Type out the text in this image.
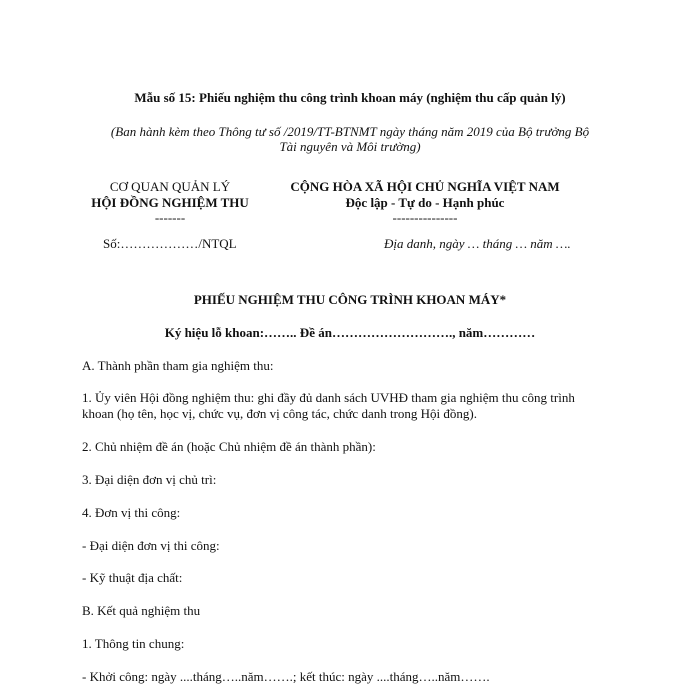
Mẫu số 15: Phiếu nghiệm thu công trình khoan máy (nghiệm thu cấp quản lý)
(Ban hành kèm theo Thông tư số /2019/TT-BTNMT ngày tháng năm 2019 của Bộ trưởng Bộ
Tài nguyên và Môi trường)
CƠ QUAN QUẢN LÝ
HỘI ĐỒNG NGHIỆM THU
-------
CỘNG HÒA XÃ HỘI CHỦ NGHĨA VIỆT NAM
Độc lập - Tự do - Hạnh phúc
---------------
Số:………………/NTQL	Địa danh, ngày … tháng … năm ….
PHIẾU NGHIỆM THU CÔNG TRÌNH KHOAN MÁY*
Ký hiệu lỗ khoan:…….. Đề án………………………., năm…………
A. Thành phần tham gia nghiệm thu:
1. Ủy viên Hội đồng nghiệm thu: ghi đầy đủ danh sách UVHĐ tham gia nghiệm thu công trình
khoan (họ tên, học vị, chức vụ, đơn vị công tác, chức danh trong Hội đồng).
2. Chủ nhiệm đề án (hoặc Chủ nhiệm đề án thành phần):
3. Đại diện đơn vị chủ trì:
4. Đơn vị thi công:
- Đại diện đơn vị thi công:
- Kỹ thuật địa chất:
B. Kết quả nghiệm thu
1. Thông tin chung:
- Khởi công: ngày ....tháng…..năm…….; kết thúc: ngày ....tháng…..năm…….
